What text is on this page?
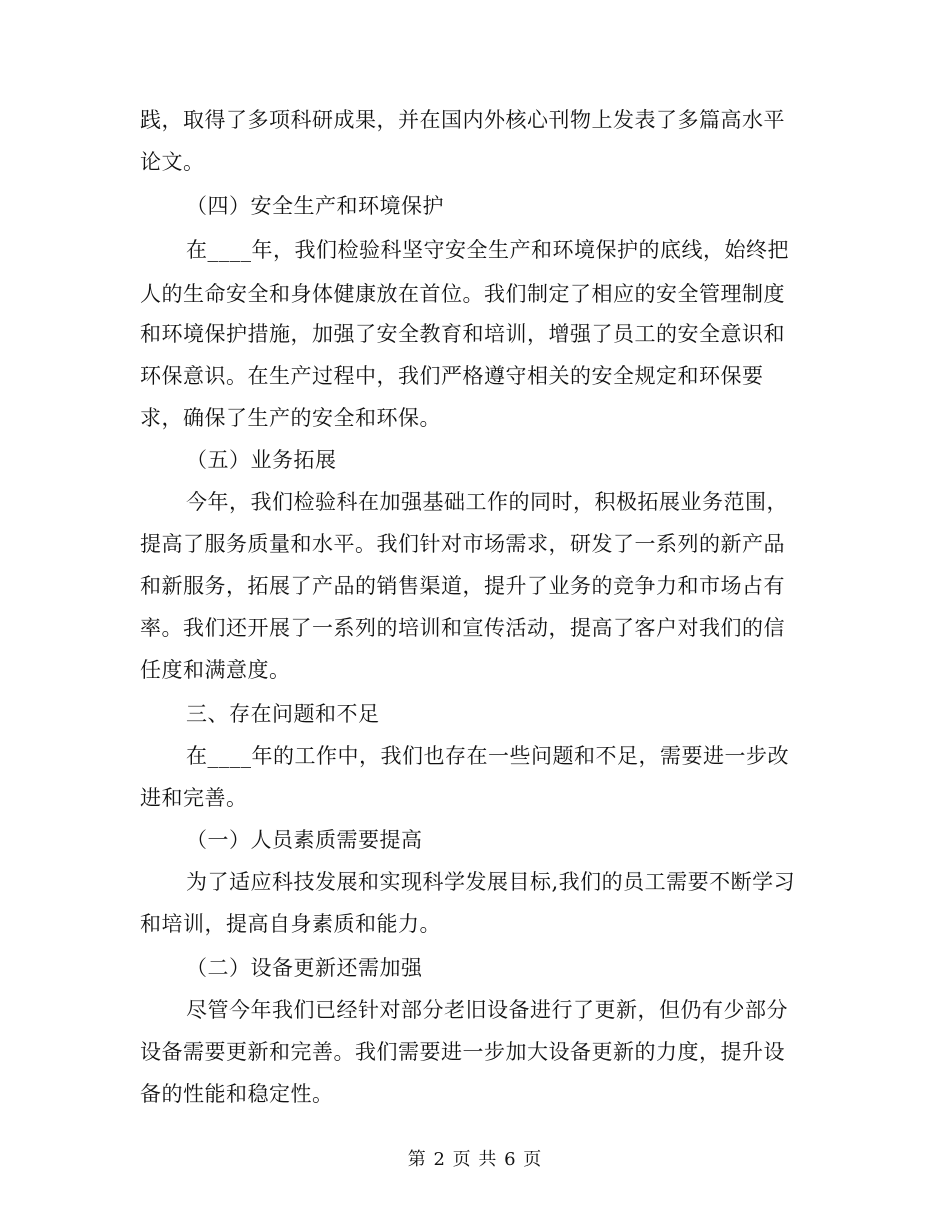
践，取得了多项科研成果，并在国内外核心刊物上发表了多篇高水平
论文。
（四）安全生产和环境保护
在____年，我们检验科坚守安全生产和环境保护的底线，始终把
人的生命安全和身体健康放在首位。我们制定了相应的安全管理制度
和环境保护措施，加强了安全教育和培训，增强了员工的安全意识和
环保意识。在生产过程中，我们严格遵守相关的安全规定和环保要
求，确保了生产的安全和环保。
（五）业务拓展
今年，我们检验科在加强基础工作的同时，积极拓展业务范围，
提高了服务质量和水平。我们针对市场需求，研发了一系列的新产品
和新服务，拓展了产品的销售渠道，提升了业务的竞争力和市场占有
率。我们还开展了一系列的培训和宣传活动，提高了客户对我们的信
任度和满意度。
三、存在问题和不足
在____年的工作中，我们也存在一些问题和不足，需要进一步改
进和完善。
（一）人员素质需要提高
为了适应科技发展和实现科学发展目标,我们的员工需要不断学习
和培训，提高自身素质和能力。
（二）设备更新还需加强
尽管今年我们已经针对部分老旧设备进行了更新，但仍有少部分
设备需要更新和完善。我们需要进一步加大设备更新的力度，提升设
备的性能和稳定性。
第 2 页 共 6 页
